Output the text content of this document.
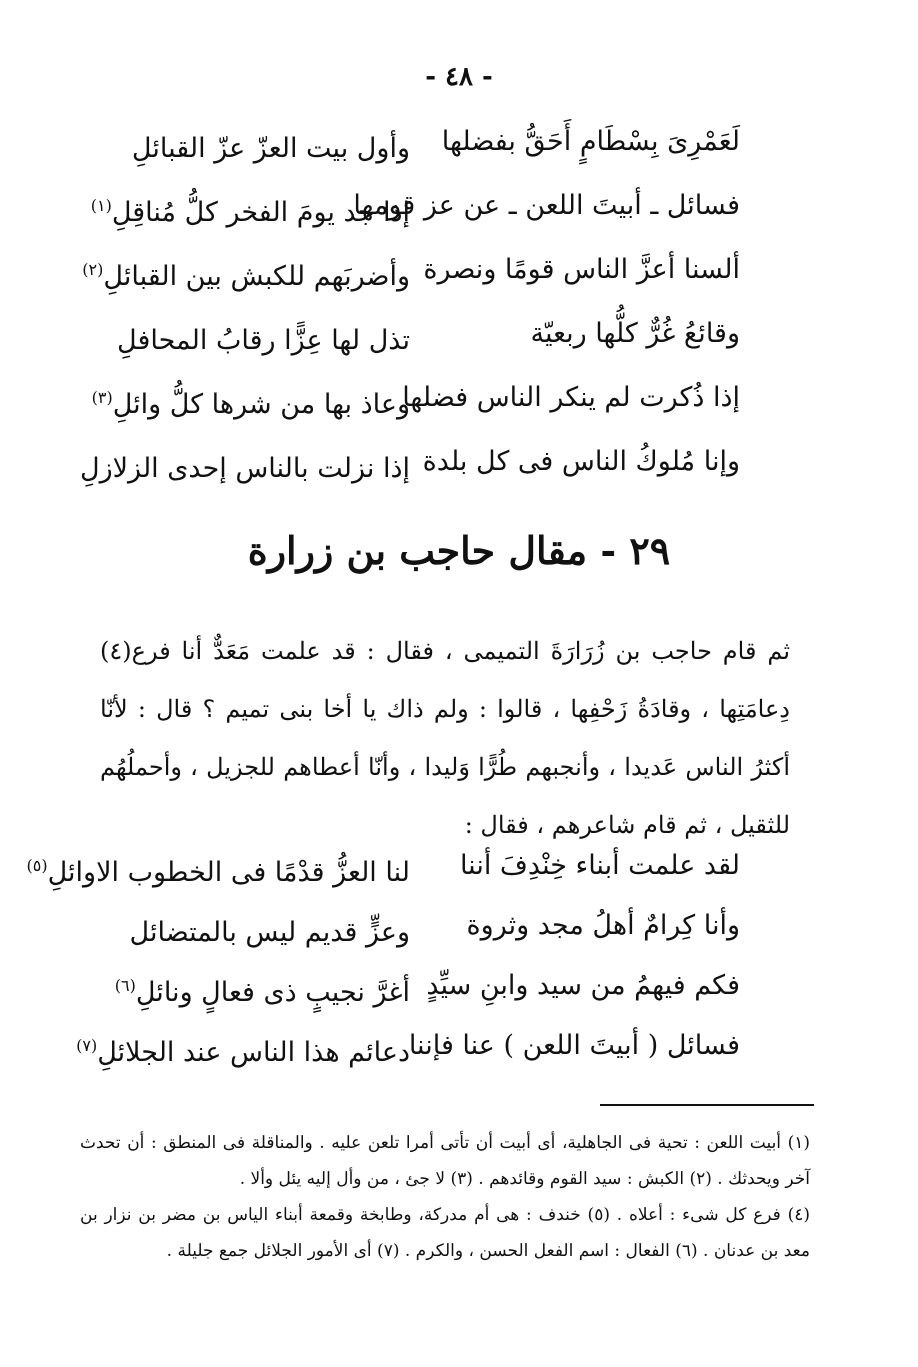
- ٤٨ -
لَعَمْرِىَ بِسْطَامٍ أَحَقُّ بفضلها
وأول بيت العزّ عزّ القبائلِ
فسائل ـ أبيتَ اللعن ـ عن عز قومها
إذا جد يومَ الفخر كلُّ مُناقِلِ$^{(١)}$
ألسنا أعزَّ الناس قومًا ونصرة
وأضربَهم للكبش بين القبائلِ$^{(٢)}$
وقائعُ غُرٌّ كلُّها ربعيّة
تذل لها عِزًّا رقابُ المحافلِ
إذا ذُكرت لم ينكر الناس فضلها
وعاذ بها من شرها كلُّ وائلِ$^{(٣)}$
وإنا مُلوكُ الناس فى كل بلدة
إذا نزلت بالناس إحدى الزلازلِ
٢٩ - مقال حاجب بن زرارة
ثم قام حاجب بن زُرَارَةَ التميمى ، فقال : قد علمت مَعَدٌّ أنا فرع(٤) دِعامَتِها ، وقادَةُ زَحْفِها ، قالوا : ولم ذاك يا أخا بنى تميم ؟ قال : لأنّا أكثرُ الناس عَديدا ، وأنجبهم طُرًّا وَليدا ، وأنّا أعطاهم للجزيل ، وأحملُهُم للثقيل ، ثم قام شاعرهم ، فقال :
لقد علمت أبناء خِنْدِفَ أننا
لنا العزُّ قدْمًا فى الخطوب الاوائلِ$^{(٥)}$
وأنا كِرامٌ أهلُ مجد وثروة
وعزٍّ قديم ليس بالمتضائل
فكم فيهمُ من سيد وابنِ سيِّدٍ
أغرَّ نجيبٍ ذى فعالٍ ونائلِ$^{(٦)}$
فسائل ( أبيتَ اللعن ) عنا فإننا
دعائم هذا الناس عند الجلائلِ$^{(٧)}$

(١) أبيت اللعن : تحية فى الجاهلية، أى أبيت أن تأتى أمرا تلعن عليه . والمناقلة فى المنطق : أن تحدث آخر ويحدثك . (٢) الكبش : سيد القوم وقائدهم . (٣) لا جئ ، من وأل إليه يئل وألا .

(٤) فرع كل شىء : أعلاه . (٥) خندف : هى أم مدركة، وطابخة وقمعة أبناء الياس بن مضر بن نزار بن معد بن عدنان . (٦) الفعال : اسم الفعل الحسن ، والكرم . (٧) أى الأمور الجلائل جمع جليلة .
